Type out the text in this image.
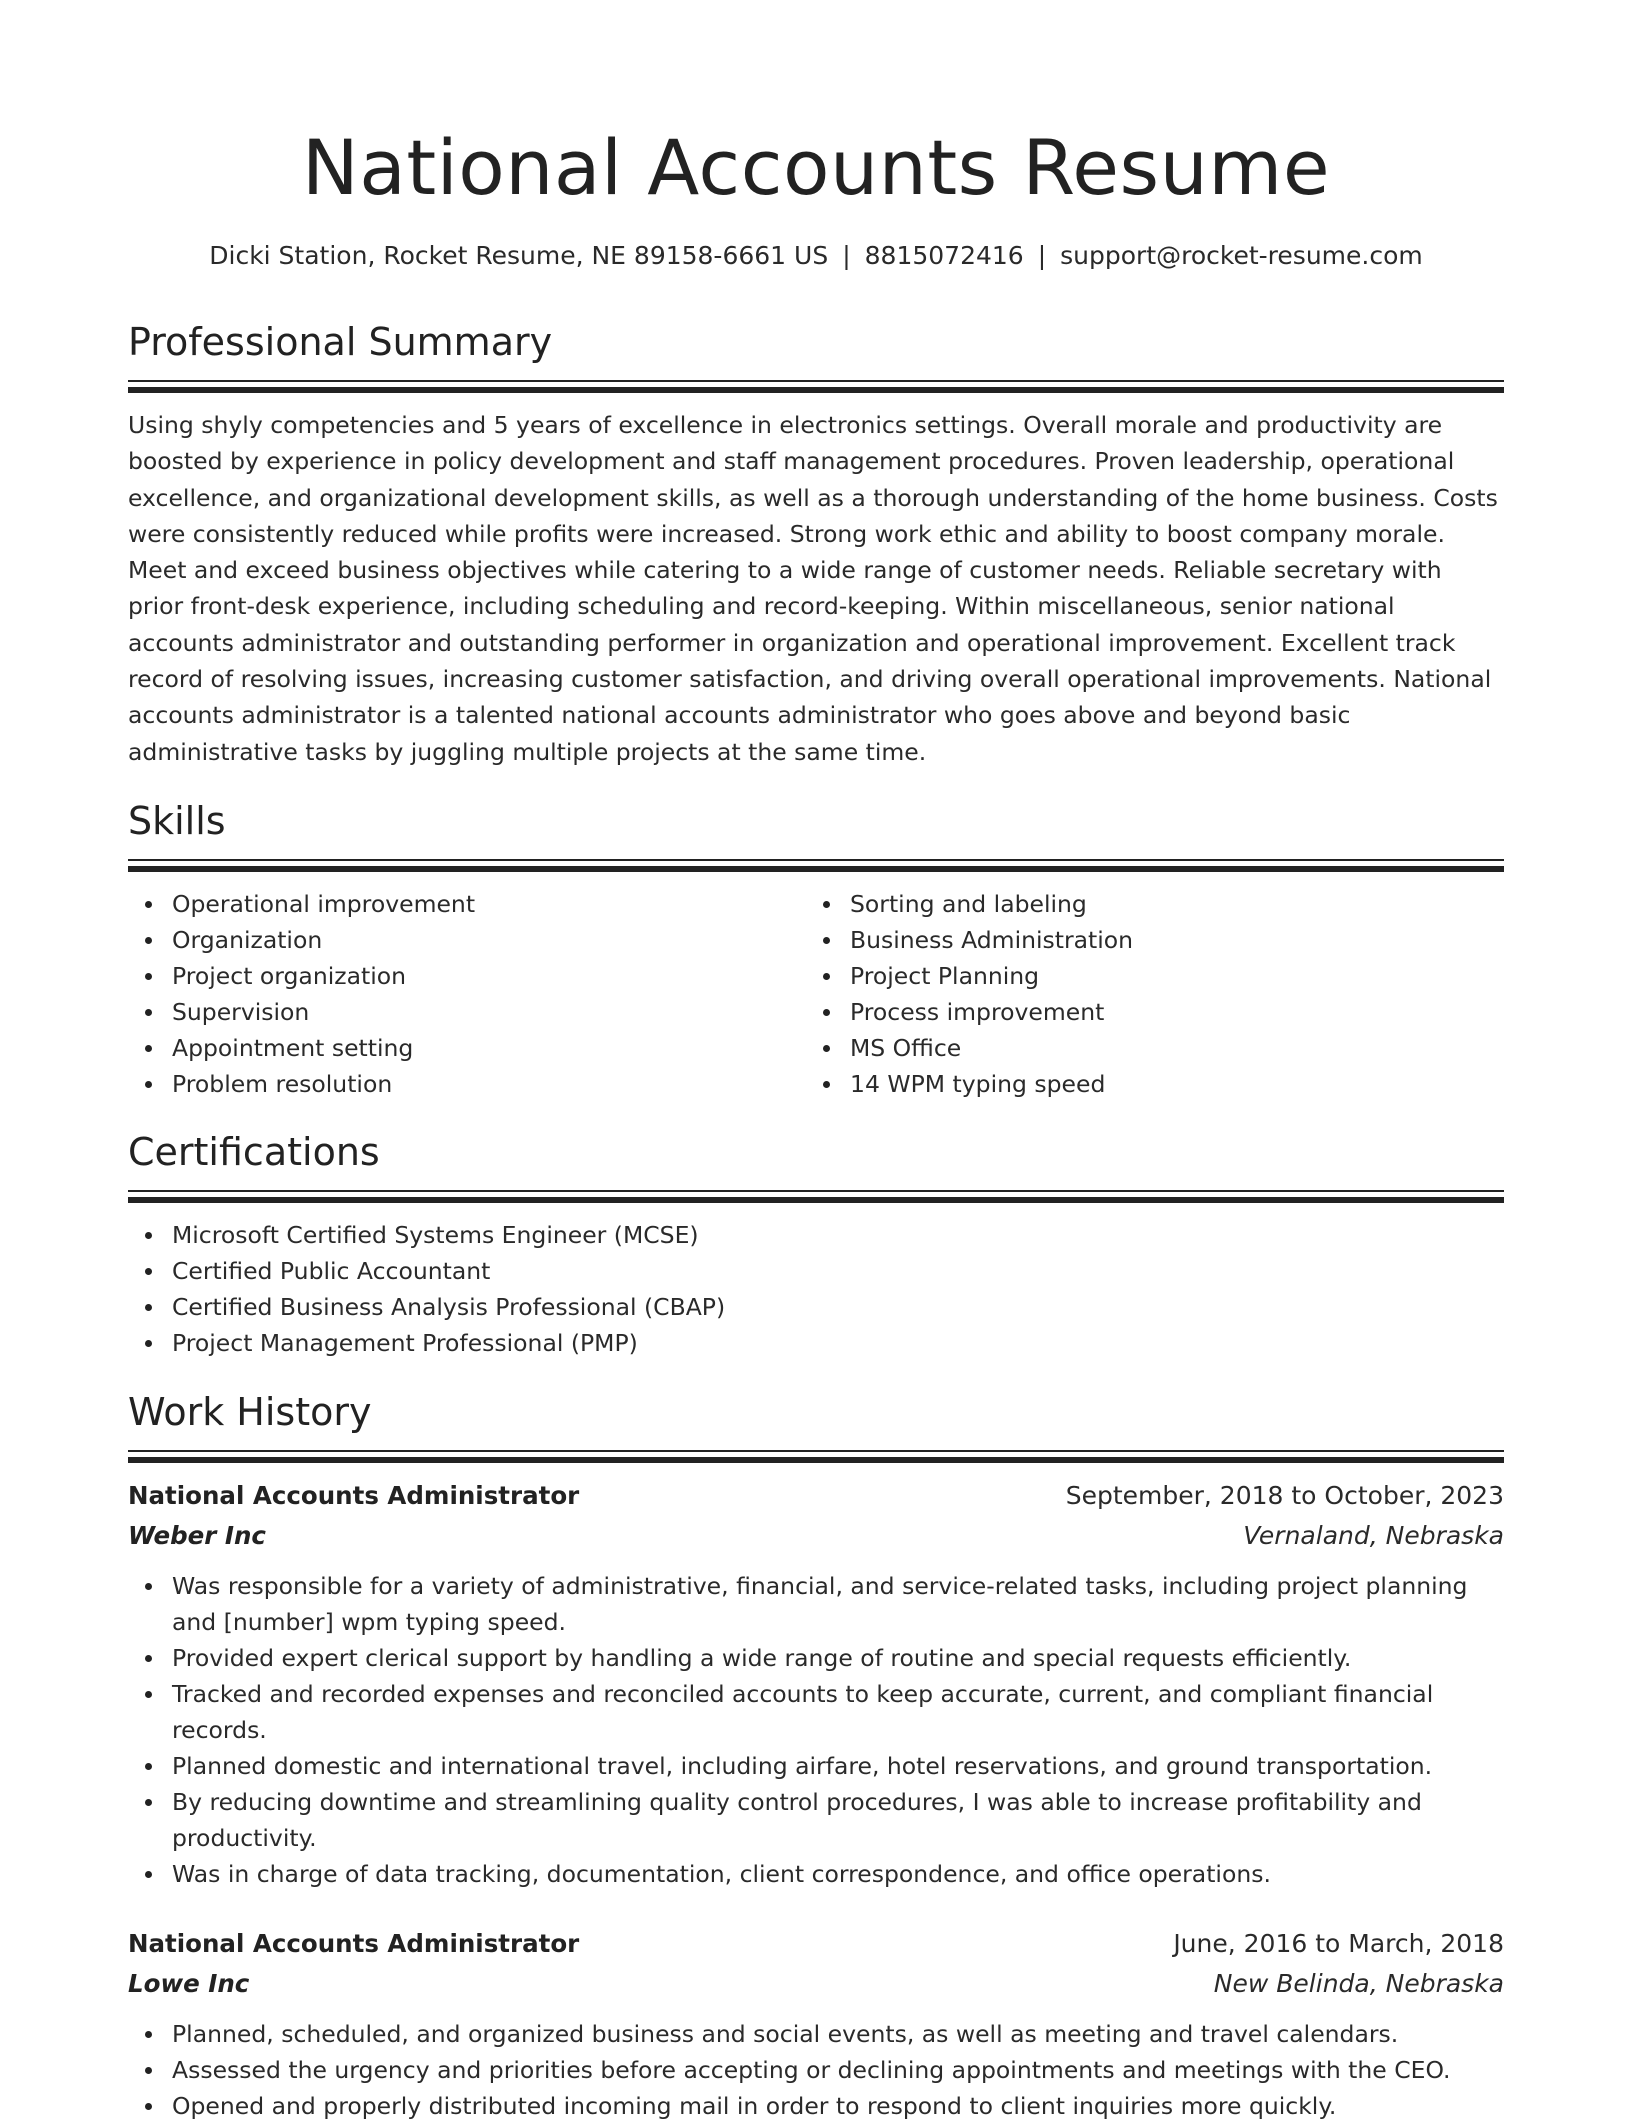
National Accounts Resume
Dicki Station, Rocket Resume, NE 89158-6661 US | 8815072416 | support@rocket-resume.com
Professional Summary

Using shyly competencies and 5 years of excellence in electronics settings. Overall morale and productivity are boosted by experience in policy development and staff management procedures. Proven leadership, operational excellence, and organizational development skills, as well as a thorough understanding of the home business. Costs were consistently reduced while profits were increased. Strong work ethic and ability to boost company morale. Meet and exceed business objectives while catering to a wide range of customer needs. Reliable secretary with prior front-desk experience, including scheduling and record-keeping. Within miscellaneous, senior national accounts administrator and outstanding performer in organization and operational improvement. Excellent track record of resolving issues, increasing customer satisfaction, and driving overall operational improvements. National accounts administrator is a talented national accounts administrator who goes above and beyond basic administrative tasks by juggling multiple projects at the same time.

Skills
Operational improvement
Organization
Project organization
Supervision
Appointment setting
Problem resolution
Sorting and labeling
Business Administration
Project Planning
Process improvement
MS Office
14 WPM typing speed
Certifications
Microsoft Certified Systems Engineer (MCSE)
Certified Public Accountant
Certified Business Analysis Professional (CBAP)
Project Management Professional (PMP)
Work History
National Accounts Administrator	September, 2018 to October, 2023
Weber Inc	Vernaland, Nebraska
Was responsible for a variety of administrative, financial, and service-related tasks, including project planning and [number] wpm typing speed.
Provided expert clerical support by handling a wide range of routine and special requests efficiently.
Tracked and recorded expenses and reconciled accounts to keep accurate, current, and compliant financial records.
Planned domestic and international travel, including airfare, hotel reservations, and ground transportation.
By reducing downtime and streamlining quality control procedures, I was able to increase profitability and productivity.
Was in charge of data tracking, documentation, client correspondence, and office operations.
National Accounts Administrator	June, 2016 to March, 2018
Lowe Inc	New Belinda, Nebraska
Planned, scheduled, and organized business and social events, as well as meeting and travel calendars.
Assessed the urgency and priorities before accepting or declining appointments and meetings with the CEO.
Opened and properly distributed incoming mail in order to respond to client inquiries more quickly.
